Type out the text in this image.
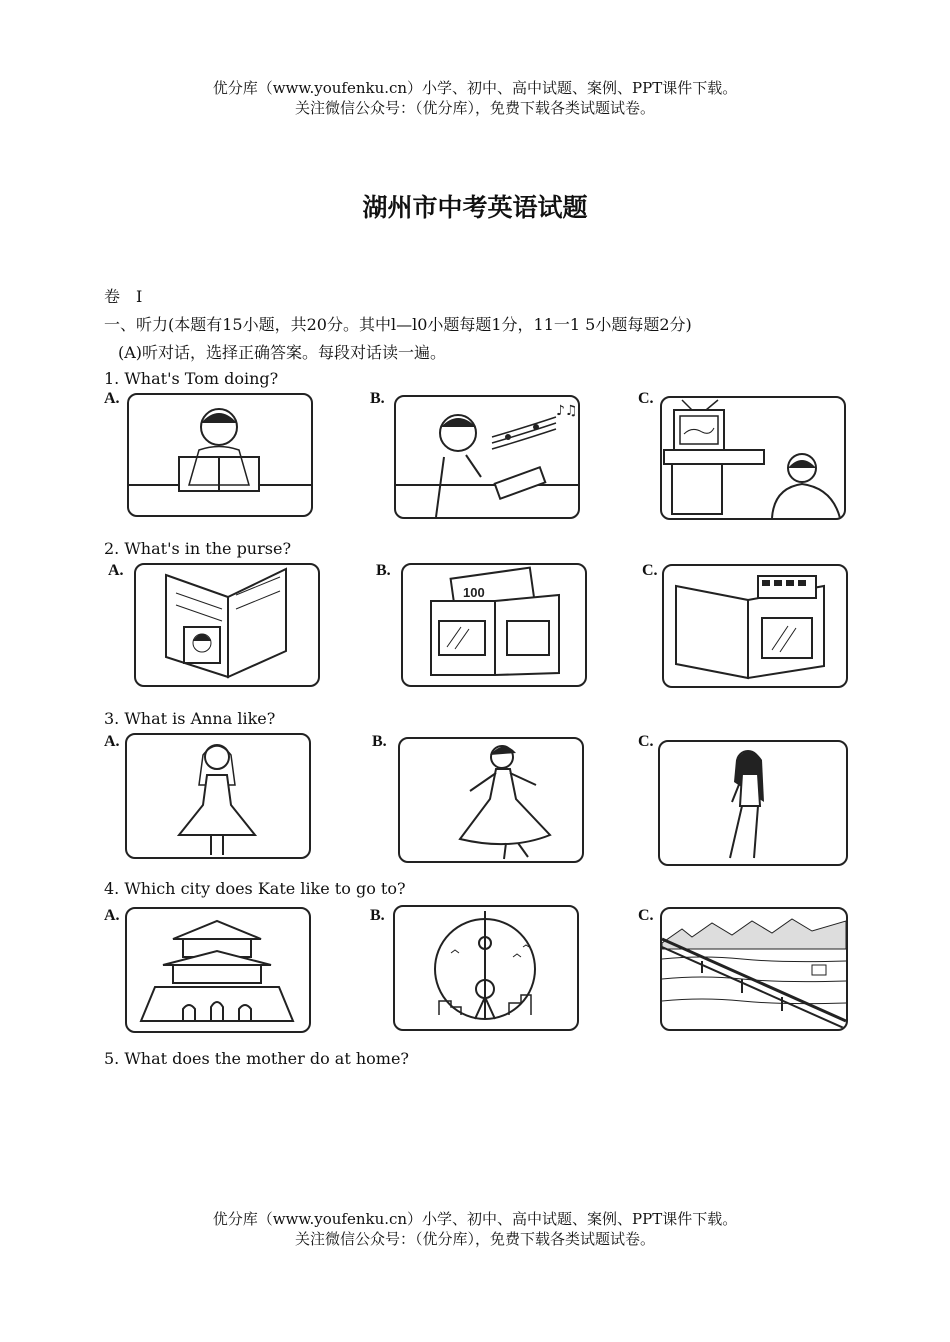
优分库（www.youfenku.cn）小学、初中、高中试题、案例、PPT课件下载。
关注微信公众号：（优分库），免费下载各类试题试卷。
湖州市中考英语试题
卷　I
一、听力(本题有15小题，共20分。其中l—l0小题每题1分，11一1 5小题每题2分)
(A)听对话，选择正确答案。每段对话读一遍。
1. What's Tom doing?
A.	B.
♪♫
C.
2. What's in the purse?
A.	B.
100
C.
3. What is Anna like?
A.	B.	C.
4. Which city does Kate like to go to?
A.	B.	C.
5. What does the mother do at home?
优分库（www.youfenku.cn）小学、初中、高中试题、案例、PPT课件下载。
关注微信公众号：（优分库），免费下载各类试题试卷。
